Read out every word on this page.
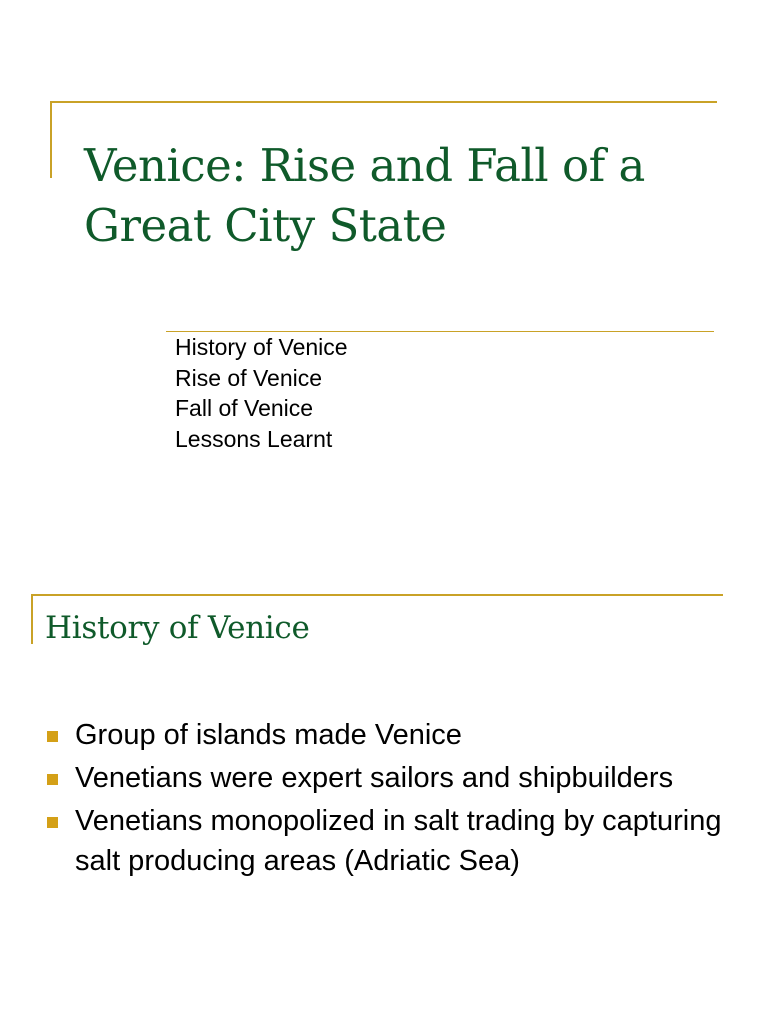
Venice: Rise and Fall of a
Great City State
History of Venice
Rise of Venice
Fall of Venice
Lessons Learnt
History of Venice
Group of islands made Venice
Venetians were expert sailors and shipbuilders
Venetians monopolized in salt trading by capturing salt producing areas (Adriatic Sea)
